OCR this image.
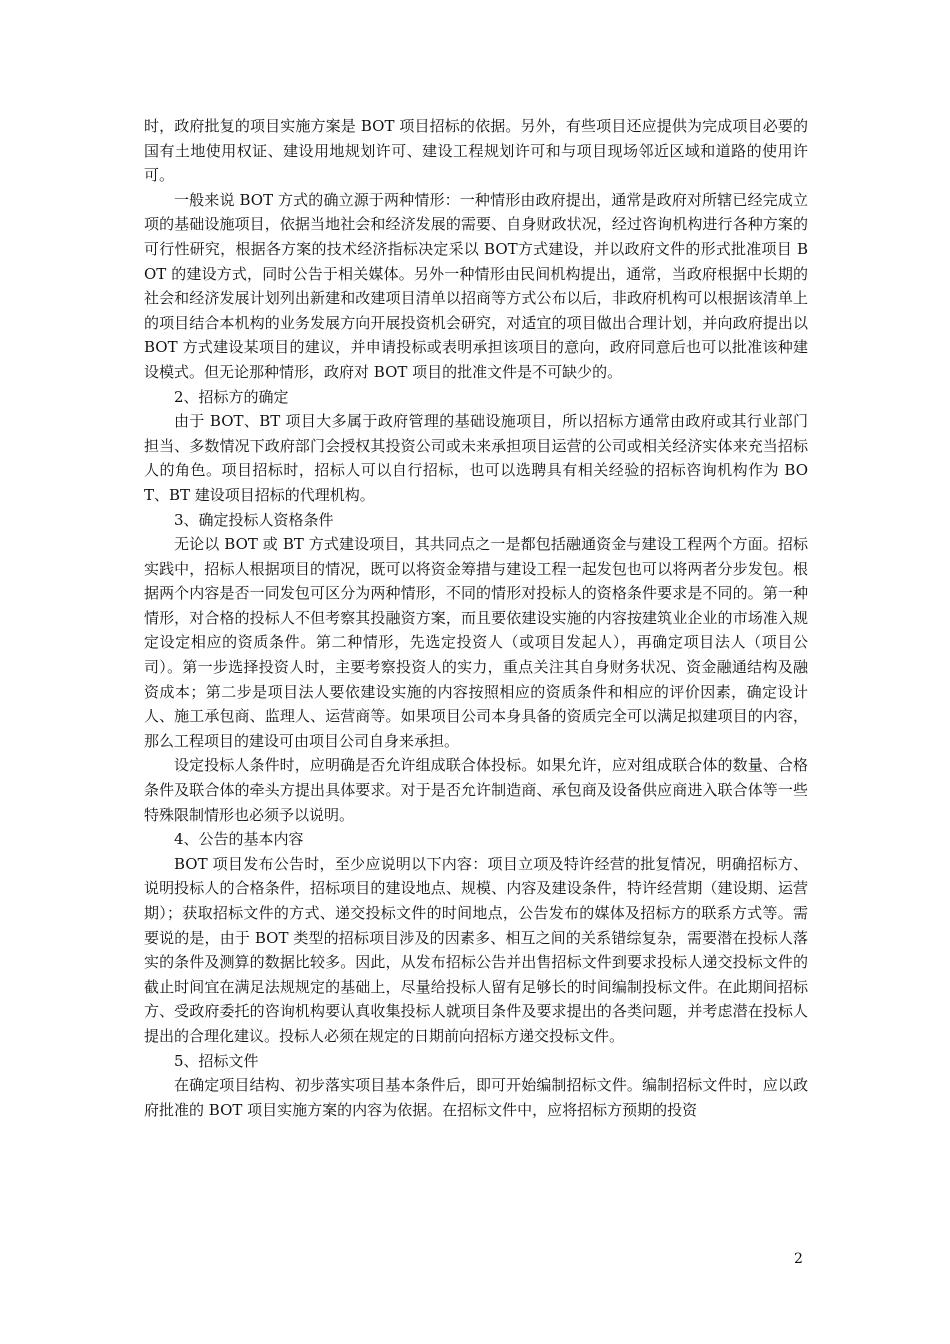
时，政府批复的项目实施方案是 BOT 项目招标的依据。另外，有些项目还应提供为完成项目必要的国有土地使用权证、建设用地规划许可、建设工程规划许可和与项目现场邻近区域和道路的使用许可。

一般来说 BOT 方式的确立源于两种情形：一种情形由政府提出，通常是政府对所辖已经完成立项的基础设施项目，依据当地社会和经济发展的需要、自身财政状况，经过咨询机构进行各种方案的可行性研究，根据各方案的技术经济指标决定采以 BOT方式建设，并以政府文件的形式批准项目 BOT 的建设方式，同时公告于相关媒体。另外一种情形由民间机构提出，通常，当政府根据中长期的社会和经济发展计划列出新建和改建项目清单以招商等方式公布以后，非政府机构可以根据该清单上的项目结合本机构的业务发展方向开展投资机会研究，对适宜的项目做出合理计划，并向政府提出以 BOT 方式建设某项目的建议，并申请投标或表明承担该项目的意向，政府同意后也可以批准该种建设模式。但无论那种情形，政府对 BOT 项目的批准文件是不可缺少的。

2、招标方的确定

由于 BOT、BT 项目大多属于政府管理的基础设施项目，所以招标方通常由政府或其行业部门担当、多数情况下政府部门会授权其投资公司或未来承担项目运营的公司或相关经济实体来充当招标人的角色。项目招标时，招标人可以自行招标，也可以选聘具有相关经验的招标咨询机构作为 BOT、BT 建设项目招标的代理机构。

3、确定投标人资格条件

无论以 BOT 或 BT 方式建设项目，其共同点之一是都包括融通资金与建设工程两个方面。招标实践中，招标人根据项目的情况，既可以将资金筹措与建设工程一起发包也可以将两者分步发包。根据两个内容是否一同发包可区分为两种情形，不同的情形对投标人的资格条件要求是不同的。第一种情形，对合格的投标人不但考察其投融资方案，而且要依建设实施的内容按建筑业企业的市场准入规定设定相应的资质条件。第二种情形，先选定投资人（或项目发起人），再确定项目法人（项目公司）。第一步选择投资人时，主要考察投资人的实力，重点关注其自身财务状况、资金融通结构及融资成本；第二步是项目法人要依建设实施的内容按照相应的资质条件和相应的评价因素，确定设计人、施工承包商、监理人、运营商等。如果项目公司本身具备的资质完全可以满足拟建项目的内容，那么工程项目的建设可由项目公司自身来承担。

设定投标人条件时，应明确是否允许组成联合体投标。如果允许，应对组成联合体的数量、合格条件及联合体的牵头方提出具体要求。对于是否允许制造商、承包商及设备供应商进入联合体等一些特殊限制情形也必须予以说明。

4、公告的基本内容

BOT 项目发布公告时，至少应说明以下内容：项目立项及特许经营的批复情况，明确招标方、说明投标人的合格条件，招标项目的建设地点、规模、内容及建设条件，特许经营期（建设期、运营期）；获取招标文件的方式、递交投标文件的时间地点，公告发布的媒体及招标方的联系方式等。需要说的是，由于 BOT 类型的招标项目涉及的因素多、相互之间的关系错综复杂，需要潜在投标人落实的条件及测算的数据比较多。因此，从发布招标公告并出售招标文件到要求投标人递交投标文件的截止时间宜在满足法规规定的基础上，尽量给投标人留有足够长的时间编制投标文件。在此期间招标方、受政府委托的咨询机构要认真收集投标人就项目条件及要求提出的各类问题，并考虑潜在投标人提出的合理化建议。投标人必须在规定的日期前向招标方递交投标文件。

5、招标文件

在确定项目结构、初步落实项目基本条件后，即可开始编制招标文件。编制招标文件时，应以政府批准的 BOT 项目实施方案的内容为依据。在招标文件中，应将招标方预期的投资

2
